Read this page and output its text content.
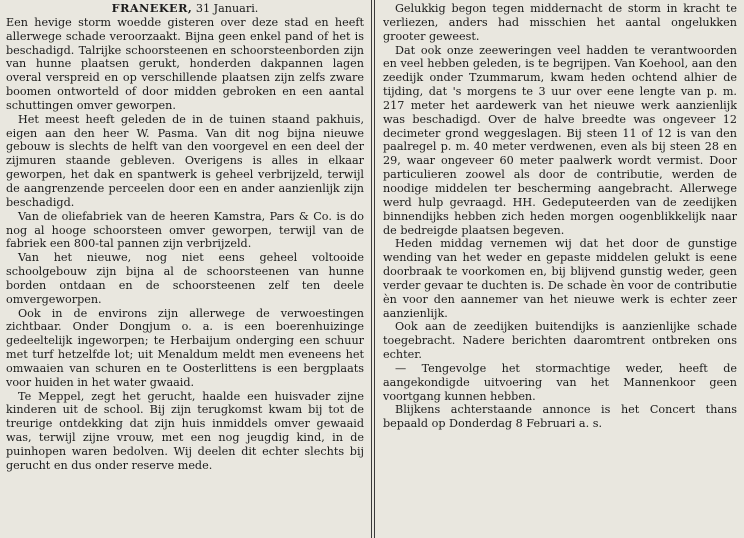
FRANEKER, 31 Januari.

Een hevige storm woedde gisteren over deze stad en heeft allerwege schade veroorzaakt. Bijna geen enkel pand of het is beschadigd. Talrijke schoorsteenen en schoorsteenborden zijn van hunne plaatsen gerukt, honderden dakpannen lagen overal verspreid en op verschillende plaatsen zijn zelfs zware boomen ontworteld of door midden gebroken en een aantal schuttingen omver geworpen.

Het meest heeft geleden de in de tuinen staand pakhuis, eigen aan den heer W. Pasma. Van dit nog bijna nieuwe gebouw is slechts de helft van den voorgevel en een deel der zijmuren staande gebleven. Overigens is alles in elkaar geworpen, het dak en spantwerk is geheel verbrijzeld, terwijl de aangrenzende perceelen door een en ander aanzienlijk zijn beschadigd.

Van de oliefabriek van de heeren Kamstra, Pars & Co. is do nog al hooge schoorsteen omver geworpen, terwijl van de fabriek een 800-tal pannen zijn verbrijzeld.

Van het nieuwe, nog niet eens geheel voltooide schoolgebouw zijn bijna al de schoorsteenen van hunne borden ontdaan en de schoorsteenen zelf ten deele omvergeworpen.

Ook in de environs zijn allerwege de verwoestingen zichtbaar. Onder Dongjum o. a. is een boerenhuizinge gedeeltelijk ingeworpen; te Herbaijum onderging een schuur met turf hetzelfde lot; uit Menaldum meldt men eveneens het omwaaien van schuren en te Oosterlittens is een bergplaats voor huiden in het water gwaaid.

Te Meppel, zegt het gerucht, haalde een huisvader zijne kinderen uit de school. Bij zijn terugkomst kwam bij tot de treurige ontdekking dat zijn huis inmiddels omver gewaaid was, terwijl zijne vrouw, met een nog jeugdig kind, in de puinhopen waren bedolven. Wij deelen dit echter slechts bij gerucht en dus onder reserve mede.

Gelukkig begon tegen middernacht de storm in kracht te verliezen, anders had misschien het aantal ongelukken grooter geweest.

Dat ook onze zeeweringen veel hadden te verantwoorden en veel hebben geleden, is te begrijpen. Van Koehool, aan den zeedijk onder Tzummarum, kwam heden ochtend alhier de tijding, dat 's morgens te 3 uur over eene lengte van p. m. 217 meter het aardewerk van het nieuwe werk aanzienlijk was beschadigd. Over de halve breedte was ongeveer 12 decimeter grond weggeslagen. Bij steen 11 of 12 is van den paalregel p. m. 40 meter verdwenen, even als bij steen 28 en 29, waar ongeveer 60 meter paalwerk wordt vermist. Door particulieren zoowel als door de contributie, werden de noodige middelen ter bescherming aangebracht. Allerwege werd hulp gevraagd. HH. Gedeputeerden van de zeedijken binnendijks hebben zich heden morgen oogenblikkelijk naar de bedreigde plaatsen begeven.

Heden middag vernemen wij dat het door de gunstige wending van het weder en gepaste middelen gelukt is eene doorbraak te voorkomen en, bij blijvend gunstig weder, geen verder gevaar te duchten is. De schade èn voor de contributie èn voor den aannemer van het nieuwe werk is echter zeer aanzienlijk.

Ook aan de zeedijken buitendijks is aanzienlijke schade toegebracht. Nadere berichten daaromtrent ontbreken ons echter.

— Tengevolge het stormachtige weder, heeft de aangekondigde uitvoering van het Mannenkoor geen voortgang kunnen hebben.

Blijkens achterstaande annonce is het Concert thans bepaald op Donderdag 8 Februari a. s.
